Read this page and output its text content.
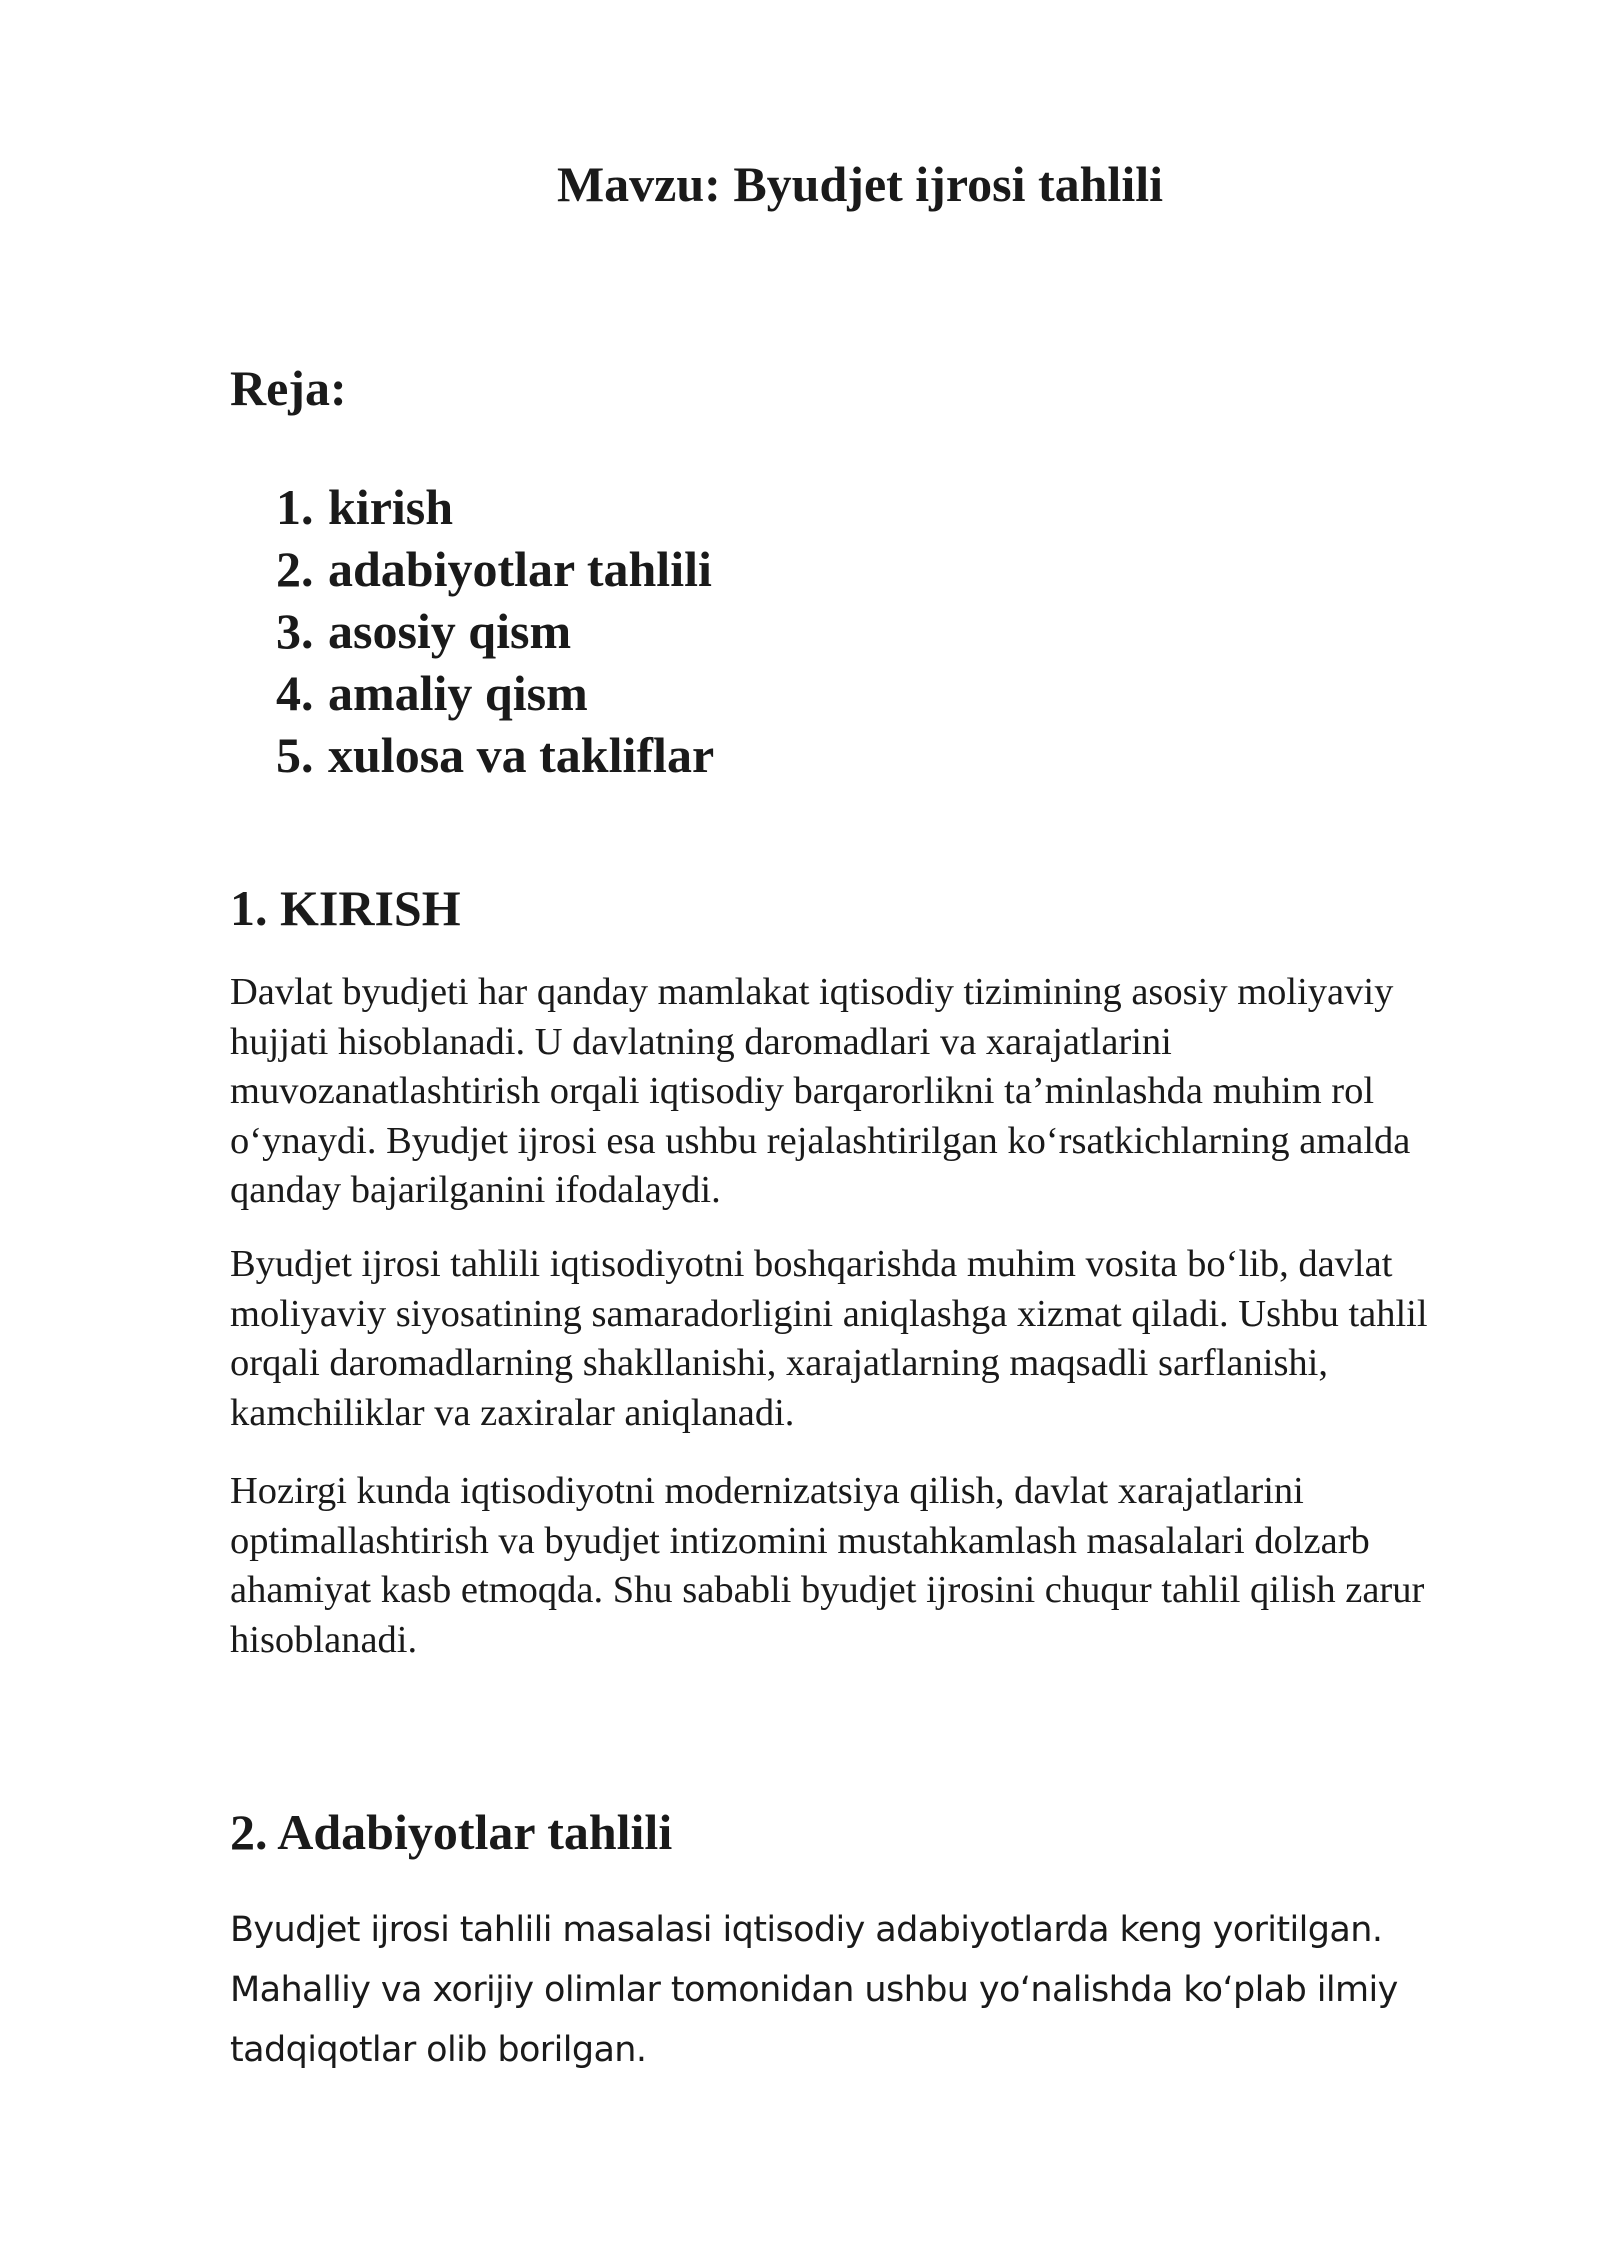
Mavzu: Byudjet ijrosi tahlili
Reja:
1. kirish
2. adabiyotlar tahlili
3. asosiy qism
4. amaliy qism
5. xulosa va takliflar
1. KIRISH

Davlat byudjeti har qanday mamlakat iqtisodiy tizimining asosiy moliyaviy hujjati hisoblanadi. U davlatning daromadlari va xarajatlarini muvozanatlashtirish orqali iqtisodiy barqarorlikni ta’minlashda muhim rol o‘ynaydi. Byudjet ijrosi esa ushbu rejalashtirilgan ko‘rsatkichlarning amalda qanday bajarilganini ifodalaydi.

Byudjet ijrosi tahlili iqtisodiyotni boshqarishda muhim vosita bo‘lib, davlat moliyaviy siyosatining samaradorligini aniqlashga xizmat qiladi. Ushbu tahlil orqali daromadlarning shakllanishi, xarajatlarning maqsadli sarflanishi, kamchiliklar va zaxiralar aniqlanadi.

Hozirgi kunda iqtisodiyotni modernizatsiya qilish, davlat xarajatlarini optimallashtirish va byudjet intizomini mustahkamlash masalalari dolzarb ahamiyat kasb etmoqda. Shu sababli byudjet ijrosini chuqur tahlil qilish zarur hisoblanadi.

2. Adabiyotlar tahlili

Byudjet ijrosi tahlili masalasi iqtisodiy adabiyotlarda keng yoritilgan. Mahalliy va xorijiy olimlar tomonidan ushbu yo‘nalishda ko‘plab ilmiy tadqiqotlar olib borilgan.
